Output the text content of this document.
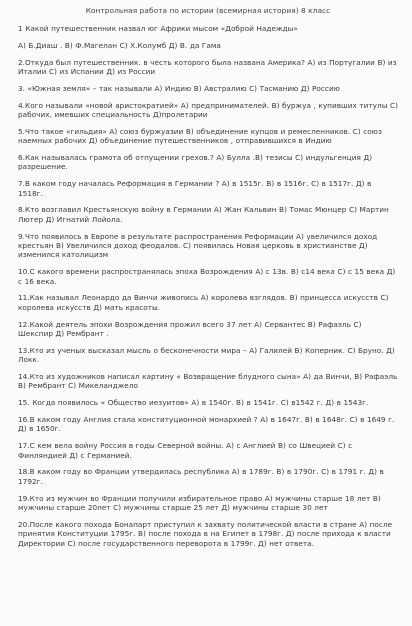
Контрольная работа по истории (всемирная история) 8 класс
1 Какой путешественник назвал юг Африки мысом «Доброй Надежды»
А) Б.Диаш . В) Ф.Магелан С) Х.Колумб Д) В. да Гама
2.Откуда был путешественник. в честь которого была названа Америка? А) из Португалии В) из Италии С) из Испании Д) из России
3. «Южная земля» – так называли А) Индию В) Австралию С) Тасманию Д) Россию
4.Кого называли «новой аристократией» А) предпринимателей. В) буржуа , купивших титулы С) рабочих, имевших специальность Д)пролетарии
5.Что такое «гильдия» А) союз буржуазии В) объединение купцов и ремесленников. С) союз наемных рабочих Д) объединение путешественников , отправившихся в Индию
6.Как называлась грамота об отпущении грехов.? А) Булла .В) тезисы С) индульгенция Д) разрешение.
7.В каком году началась Реформация в Германии ? А) в 1515г. В) в 1516г. С) в 1517г. Д) в 1518г.
8.Кто возглавил Крестьянскую войну в Германии А) Жан Кальвин В) Томас Мюнцер С) Мартин Лютер Д) Игнатий Лойола.
9.Что появилось в Европе в результате распространения Реформации А) увеличился доход крестьян В) Увеличился доход феодалов. С) появилась Новая церковь в христианстве Д) изменился католицизм
10.С какого времени распространялась эпоха Возрождения А) с 13в. В) с14 века С) с 15 века Д) с 16 века.
11.Как называл Леонардо да Винчи живопись А) королева взглядов. В) принцесса искусств С) королева искусств Д) мать красоты.
12.Какой деятель эпохи Возрождения прожил всего 37 лет А) Сервантес В) Рафаэль С) Шекспир Д) Рембрант .
13.Кто из ученых высказал мысль о бесконечности мира – А) Галилей В) Коперник. С) Бруно. Д) Локк.
14.Кто из художников написал картину « Возвращение блудного сына» А) да Винчи, В) Рафаэль В) Рембрант С) Микеланджело
15. Когда появилось « Общество иезуитов» А) в 1540г. В) в 1541г. С) в1542 г. Д) в 1543г.
16.В каком году Англия стала конституционной монархией ? А) в 1647г. В) в 1648г. С) в 1649 г. Д) в 1650г.
17.С кем вела войну Россия в годы Северной войны. А) с Англией В) со Швецией С) с Финляндией Д) с Германией.
18.В каком году во Франции утвердилась республика А) в 1789г. В) в 1790г. С) в 1791 г. Д) в 1792г.
19.Кто из мужчин во Франции получили избирательное право А) мужчины старше 18 лет В) мужчины старше 20лет С) мужчины старше 25 лет Д) мужчины старше 30 лет
20.После какого похода Бонапарт приступил к захвату политической власти в стране А) после принятия Конституции 1795г. В) после похода в на Египет в 1798г. Д) после прихода к власти Директории С) после государственного переворота в 1799г. Д) нет ответа.
